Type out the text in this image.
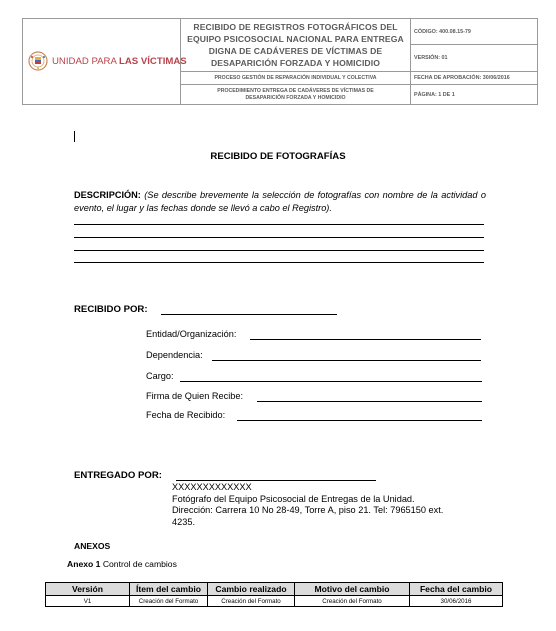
UNIDAD PARA LAS VÍCTIMAS
RECIBIDO DE REGISTROS FOTOGRÁFICOS DEL
EQUIPO PSICOSOCIAL NACIONAL PARA ENTREGA
DIGNA DE CADÁVERES DE VÍCTIMAS DE
DESAPARICIÓN FORZADA Y HOMICIDIO
PROCESO GESTIÓN DE REPARACIÓN INDIVIDUAL Y COLECTIVA
PROCEDIMIENTO ENTREGA DE CADÁVERES DE VÍCTIMAS DE
DESAPARICIÓN FORZADA Y HOMICIDIO
CÓDIGO: 400.08.15-79
VERSIÓN: 01
FECHA DE APROBACIÓN: 30/06/2016
PÁGINA: 1 DE 1
RECIBIDO DE FOTOGRAFÍAS
DESCRIPCIÓN: (Se describe brevemente la selección de fotografías con nombre de la actividad o evento, el lugar y las fechas donde se llevó a cabo el Registro).
RECIBIDO POR:
Entidad/Organización:
Dependencia:
Cargo:
Firma de Quien Recibe:
Fecha de Recibido:
ENTREGADO POR:
XXXXXXXXXXXXX
Fotógrafo del Equipo Psicosocial de Entregas de la Unidad.
Dirección: Carrera 10 No 28-49, Torre A, piso 21. Tel: 7965150 ext.
4235.
ANEXOS
Anexo 1 Control de cambios
Versión	Ítem del cambio	Cambio realizado	Motivo del cambio	Fecha del cambio
V1	Creación del Formato	Creación del Formato	Creación del Formato	30/06/2016
